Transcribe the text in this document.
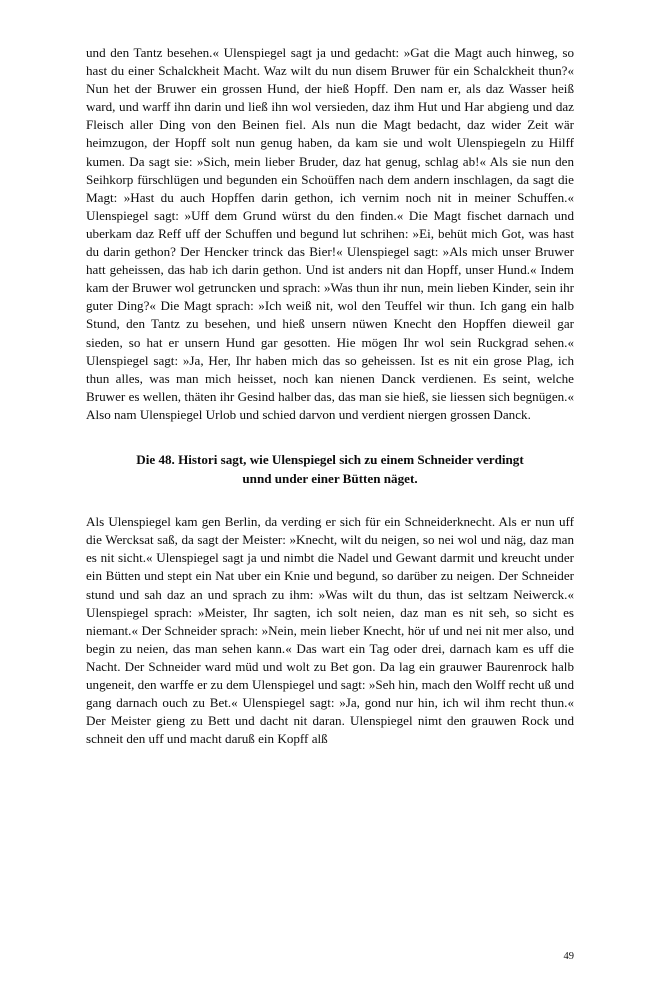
und den Tantz besehen.« Ulenspiegel sagt ja und gedacht: »Gat die Magt auch hinweg, so hast du einer Schalckheit Macht. Waz wilt du nun disem Bruwer für ein Schalckheit thun?« Nun het der Bruwer ein grossen Hund, der hieß Hopff. Den nam er, als daz Wasser heiß ward, und warff ihn darin und ließ ihn wol versieden, daz ihm Hut und Har abgieng und daz Fleisch aller Ding von den Beinen fiel. Als nun die Magt bedacht, daz wider Zeit wär heimzugon, der Hopff solt nun genug haben, da kam sie und wolt Ulenspiegeln zu Hilff kumen. Da sagt sie: »Sich, mein lieber Bruder, daz hat genug, schlag ab!« Als sie nun den Seihkorp fürschlügen und begunden ein Schoüffen nach dem andern inschlagen, da sagt die Magt: »Hast du auch Hopffen darin gethon, ich vernim noch nit in meiner Schuffen.« Ulenspiegel sagt: »Uff dem Grund würst du den finden.« Die Magt fischet darnach und uberkam daz Reff uff der Schuffen und begund lut schrihen: »Ei, behüt mich Got, was hast du darin gethon? Der Hencker trinck das Bier!« Ulenspiegel sagt: »Als mich unser Bruwer hatt geheissen, das hab ich darin gethon. Und ist anders nit dan Hopff, unser Hund.« Indem kam der Bruwer wol getruncken und sprach: »Was thun ihr nun, mein lieben Kinder, sein ihr guter Ding?« Die Magt sprach: »Ich weiß nit, wol den Teuffel wir thun. Ich gang ein halb Stund, den Tantz zu besehen, und hieß unsern nüwen Knecht den Hopffen dieweil gar sieden, so hat er unsern Hund gar gesotten. Hie mögen Ihr wol sein Ruckgrad sehen.« Ulenspiegel sagt: »Ja, Her, Ihr haben mich das so geheissen. Ist es nit ein grose Plag, ich thun alles, was man mich heisset, noch kan nienen Danck verdienen. Es seint, welche Bruwer es wellen, thäten ihr Gesind halber das, das man sie hieß, sie liessen sich begnügen.« Also nam Ulenspiegel Urlob und schied darvon und verdient niergen grossen Danck.

Die 48. Histori sagt, wie Ulenspiegel sich zu einem Schneider verdingt
unnd under einer Bütten näget.

Als Ulenspiegel kam gen Berlin, da verding er sich für ein Schneiderknecht. Als er nun uff die Wercksat saß, da sagt der Meister: »Knecht, wilt du neigen, so nei wol und näg, daz man es nit sicht.« Ulenspiegel sagt ja und nimbt die Nadel und Gewant darmit und kreucht under ein Bütten und stept ein Nat uber ein Knie und begund, so darüber zu neigen. Der Schneider stund und sah daz an und sprach zu ihm: »Was wilt du thun, das ist seltzam Neiwerck.« Ulenspiegel sprach: »Meister, Ihr sagten, ich solt neien, daz man es nit seh, so sicht es niemant.« Der Schneider sprach: »Nein, mein lieber Knecht, hör uf und nei nit mer also, und begin zu neien, das man sehen kann.« Das wart ein Tag oder drei, darnach kam es uff die Nacht. Der Schneider ward müd und wolt zu Bet gon. Da lag ein grauwer Baurenrock halb ungeneit, den warffe er zu dem Ulenspiegel und sagt: »Seh hin, mach den Wolff recht uß und gang darnach ouch zu Bet.« Ulenspiegel sagt: »Ja, gond nur hin, ich wil ihm recht thun.« Der Meister gieng zu Bett und dacht nit daran. Ulenspiegel nimt den grauwen Rock und schneit den uff und macht daruß ein Kopff alß

49
